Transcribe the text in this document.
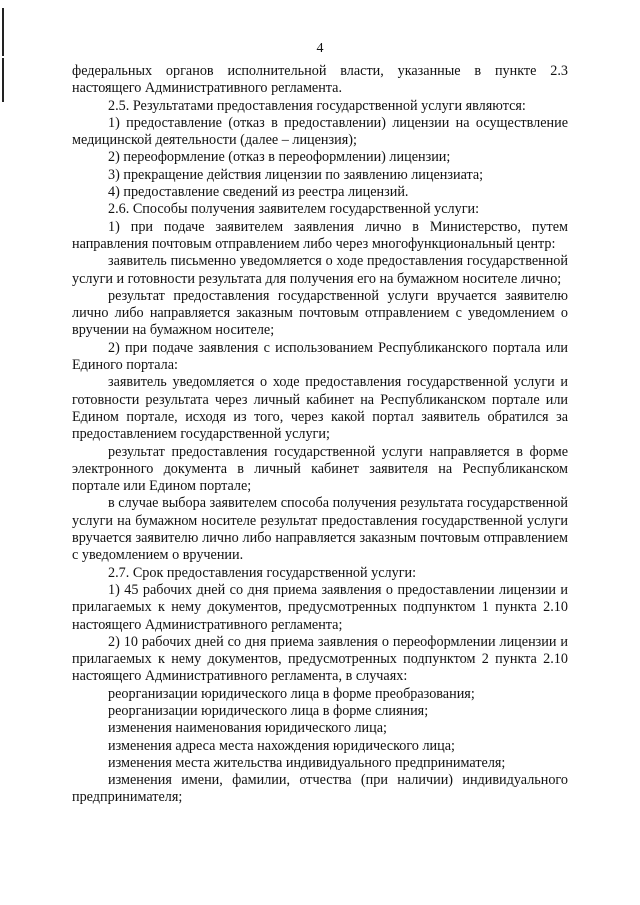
4

федеральных органов исполнительной власти, указанные в пункте 2.3 настоящего Административного регламента.

2.5. Результатами предоставления государственной услуги являются:

1) предоставление (отказ в предоставлении) лицензии на осуществление медицинской деятельности (далее – лицензия);

2) переоформление (отказ в переоформлении) лицензии;

3) прекращение действия лицензии по заявлению лицензиата;

4) предоставление сведений из реестра лицензий.

2.6. Способы получения заявителем государственной услуги:

1) при подаче заявителем заявления лично в Министерство, путем направления почтовым отправлением либо через многофункциональный центр:

заявитель письменно уведомляется о ходе предоставления государственной услуги и готовности результата для получения его на бумажном носителе лично;

результат предоставления государственной услуги вручается заявителю лично либо направляется заказным почтовым отправлением с уведомлением о вручении на бумажном носителе;

2) при подаче заявления с использованием Республиканского портала или Единого портала:

заявитель уведомляется о ходе предоставления государственной услуги и готовности результата через личный кабинет на Республиканском портале или Едином портале, исходя из того, через какой портал заявитель обратился за предоставлением государственной услуги;

результат предоставления государственной услуги направляется в форме электронного документа в личный кабинет заявителя на Республиканском портале или Едином портале;

в случае выбора заявителем способа получения результата государственной услуги на бумажном носителе результат предоставления государственной услуги вручается заявителю лично либо направляется заказным почтовым отправлением с уведомлением о вручении.

2.7. Срок предоставления государственной услуги:

1) 45 рабочих дней со дня приема заявления о предоставлении лицензии и прилагаемых к нему документов, предусмотренных подпунктом 1 пункта 2.10 настоящего Административного регламента;

2) 10 рабочих дней со дня приема заявления о переоформлении лицензии и прилагаемых к нему документов, предусмотренных подпунктом 2 пункта 2.10 настоящего Административного регламента, в случаях:

реорганизации юридического лица в форме преобразования;

реорганизации юридического лица в форме слияния;

изменения наименования юридического лица;

изменения адреса места нахождения юридического лица;

изменения места жительства индивидуального предпринимателя;

изменения имени, фамилии, отчества (при наличии) индивидуального предпринимателя;
